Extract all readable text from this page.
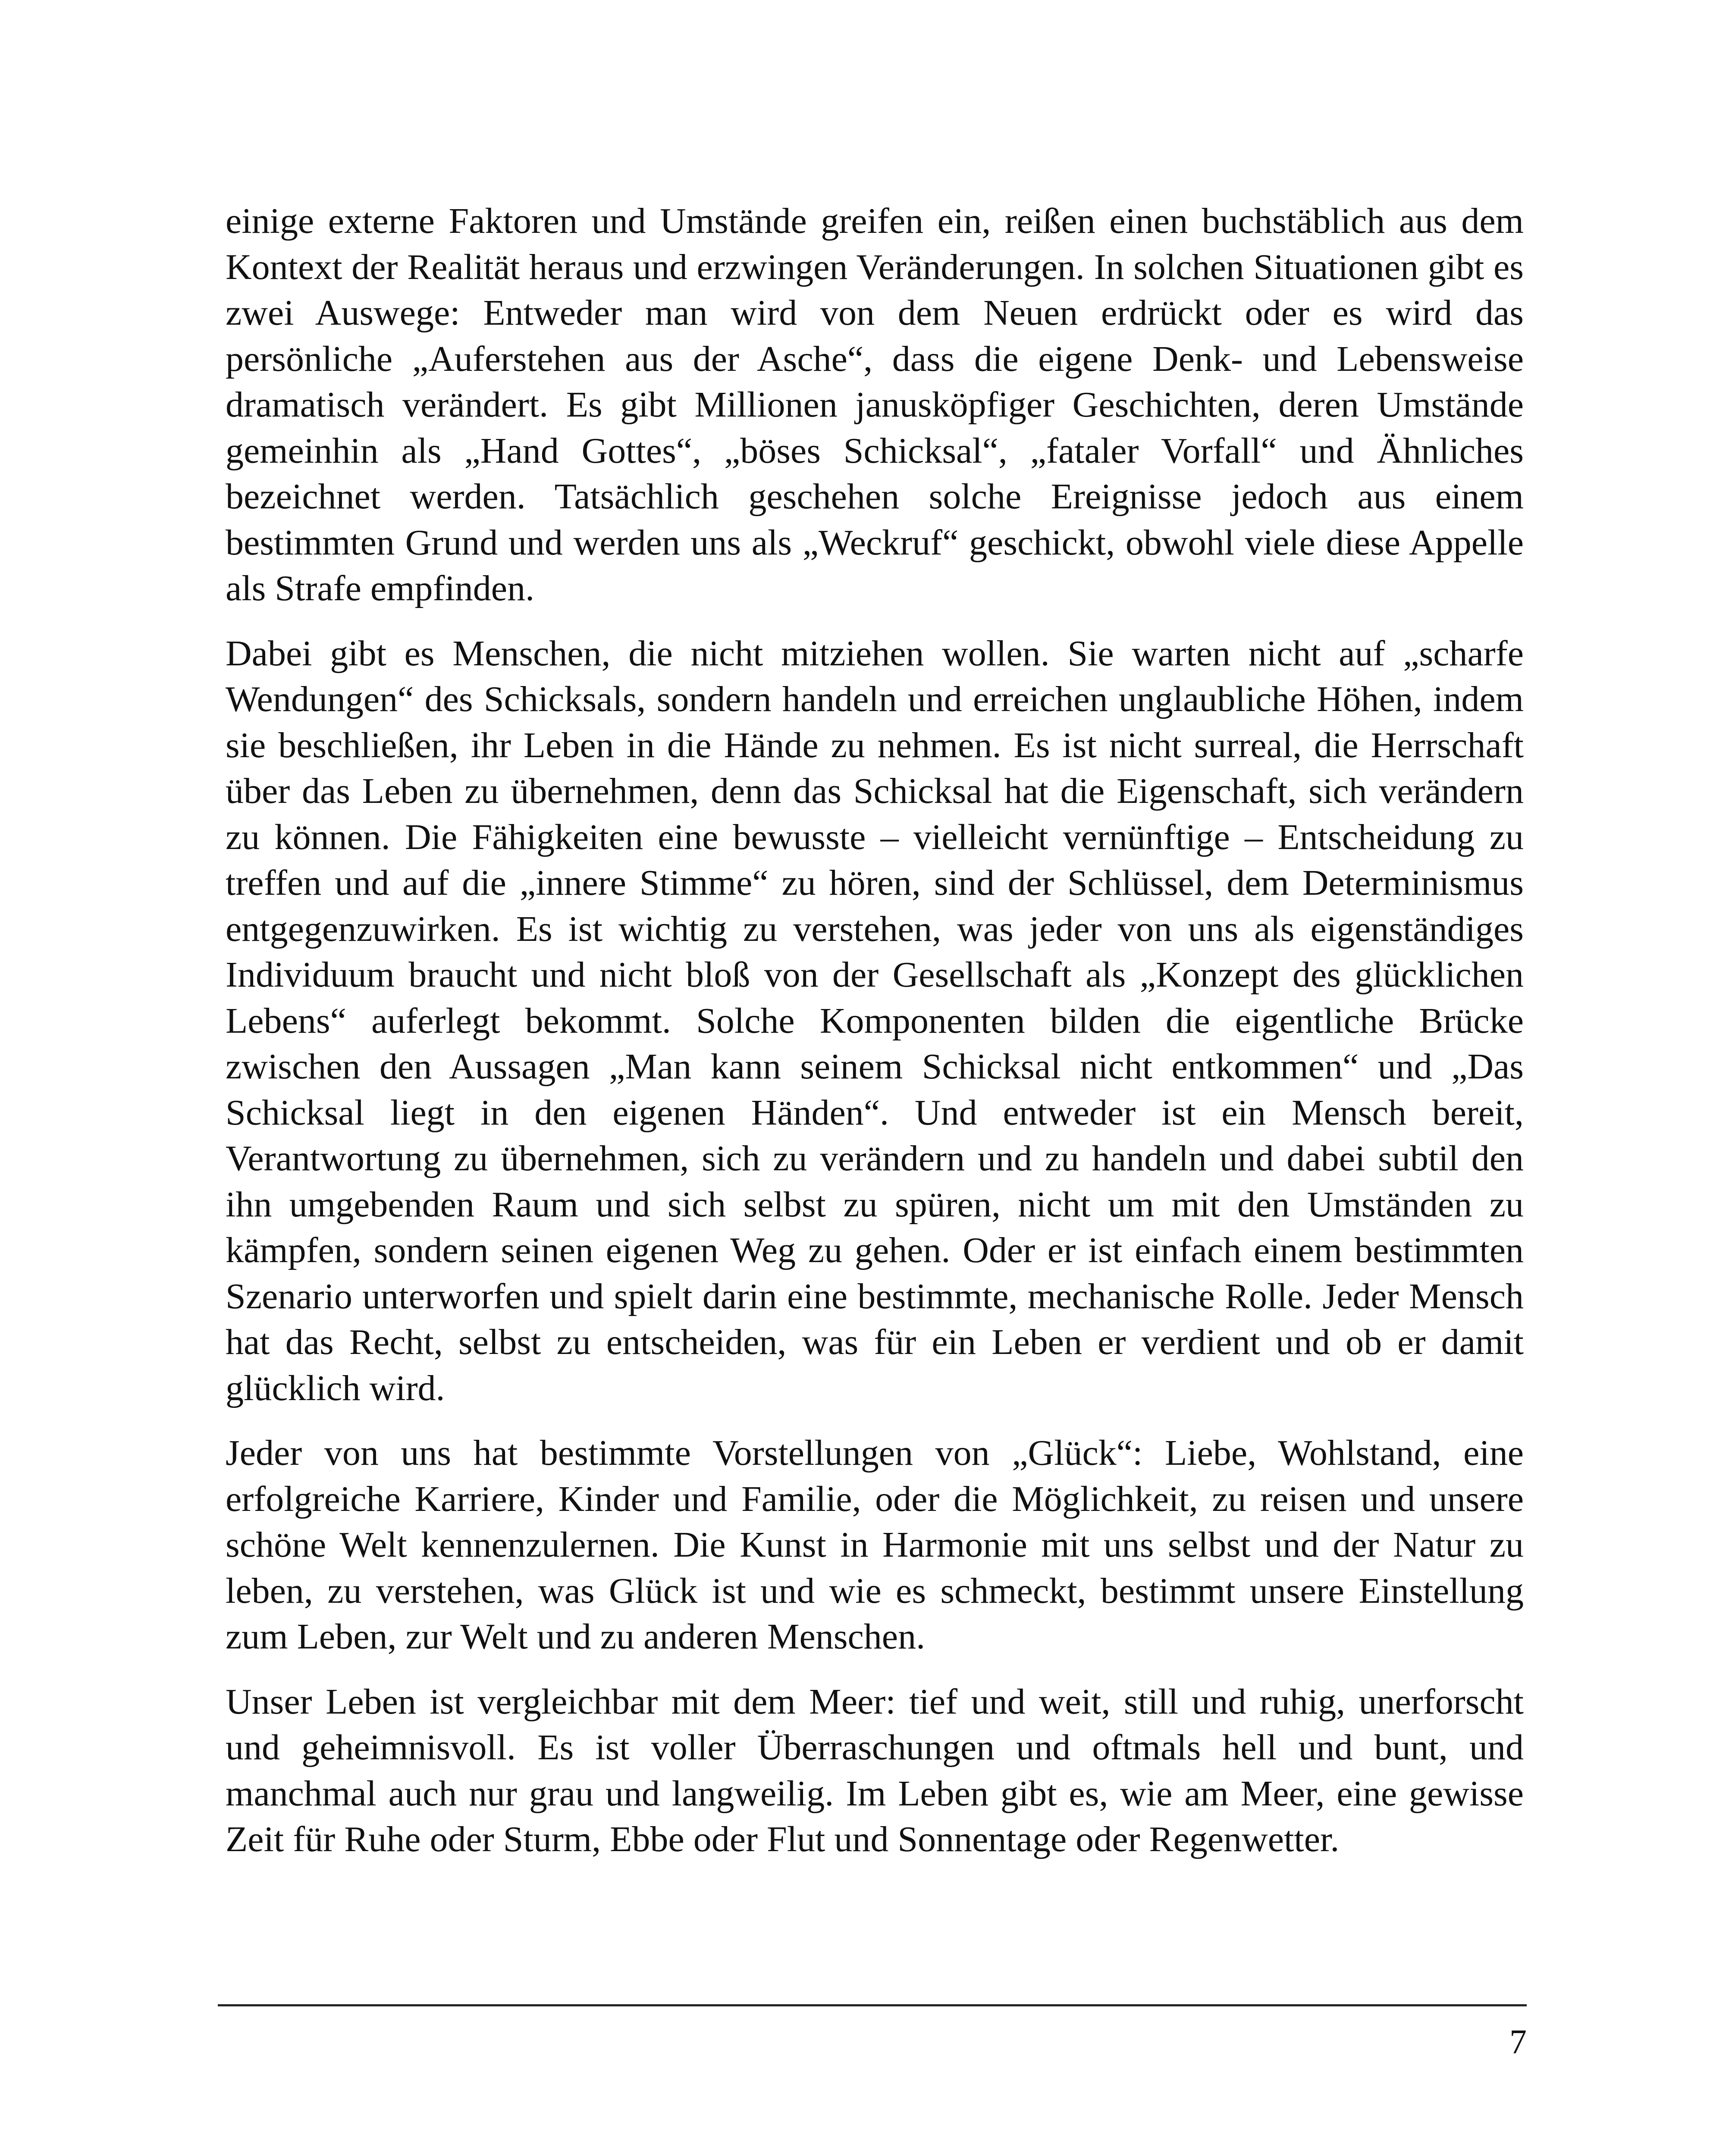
einige externe Faktoren und Umstände greifen ein, reißen einen buchstäblich aus dem Kontext der Realität heraus und erzwingen Veränderungen. In solchen Situationen gibt es zwei Auswege: Entweder man wird von dem Neuen erdrückt oder es wird das persönliche „Auferstehen aus der Asche“, dass die eigene Denk- und Lebensweise dramatisch verändert. Es gibt Millionen janusköpfiger Geschichten, deren Umstände gemeinhin als „Hand Gottes“, „böses Schicksal“, „fataler Vorfall“ und Ähnliches bezeichnet werden. Tatsächlich geschehen solche Ereignisse jedoch aus einem bestimmten Grund und werden uns als „Weckruf“ geschickt, obwohl viele diese Appelle als Strafe empfinden.

Dabei gibt es Menschen, die nicht mitziehen wollen. Sie warten nicht auf „scharfe Wendungen“ des Schicksals, sondern handeln und erreichen unglaubliche Höhen, indem sie beschließen, ihr Leben in die Hände zu nehmen. Es ist nicht surreal, die Herrschaft über das Leben zu übernehmen, denn das Schicksal hat die Eigenschaft, sich verändern zu können. Die Fähigkeiten eine bewusste – vielleicht vernünftige – Entscheidung zu treffen und auf die „innere Stimme“ zu hören, sind der Schlüssel, dem Determinismus entgegenzuwirken. Es ist wichtig zu verstehen, was jeder von uns als eigenständiges Individuum braucht und nicht bloß von der Gesellschaft als „Konzept des glücklichen Lebens“ auferlegt bekommt. Solche Komponenten bilden die eigentliche Brücke zwischen den Aussagen „Man kann seinem Schicksal nicht entkommen“ und „Das Schicksal liegt in den eigenen Händen“. Und entweder ist ein Mensch bereit, Verantwortung zu übernehmen, sich zu verändern und zu handeln und dabei subtil den ihn umgebenden Raum und sich selbst zu spüren, nicht um mit den Umständen zu kämpfen, sondern seinen eigenen Weg zu gehen. Oder er ist einfach einem bestimmten Szenario unterworfen und spielt darin eine bestimmte, mechanische Rolle. Jeder Mensch hat das Recht, selbst zu entscheiden, was für ein Leben er verdient und ob er damit glücklich wird.

Jeder von uns hat bestimmte Vorstellungen von „Glück“: Liebe, Wohlstand, eine erfolgreiche Karriere, Kinder und Familie, oder die Möglichkeit, zu reisen und unsere schöne Welt kennenzulernen. Die Kunst in Harmonie mit uns selbst und der Natur zu leben, zu verstehen, was Glück ist und wie es schmeckt, bestimmt unsere Einstellung zum Leben, zur Welt und zu anderen Menschen.

Unser Leben ist vergleichbar mit dem Meer: tief und weit, still und ruhig, unerforscht und geheimnisvoll. Es ist voller Überraschungen und oftmals hell und bunt, und manchmal auch nur grau und langweilig. Im Leben gibt es, wie am Meer, eine gewisse Zeit für Ruhe oder Sturm, Ebbe oder Flut und Sonnentage oder Regenwetter.

7
